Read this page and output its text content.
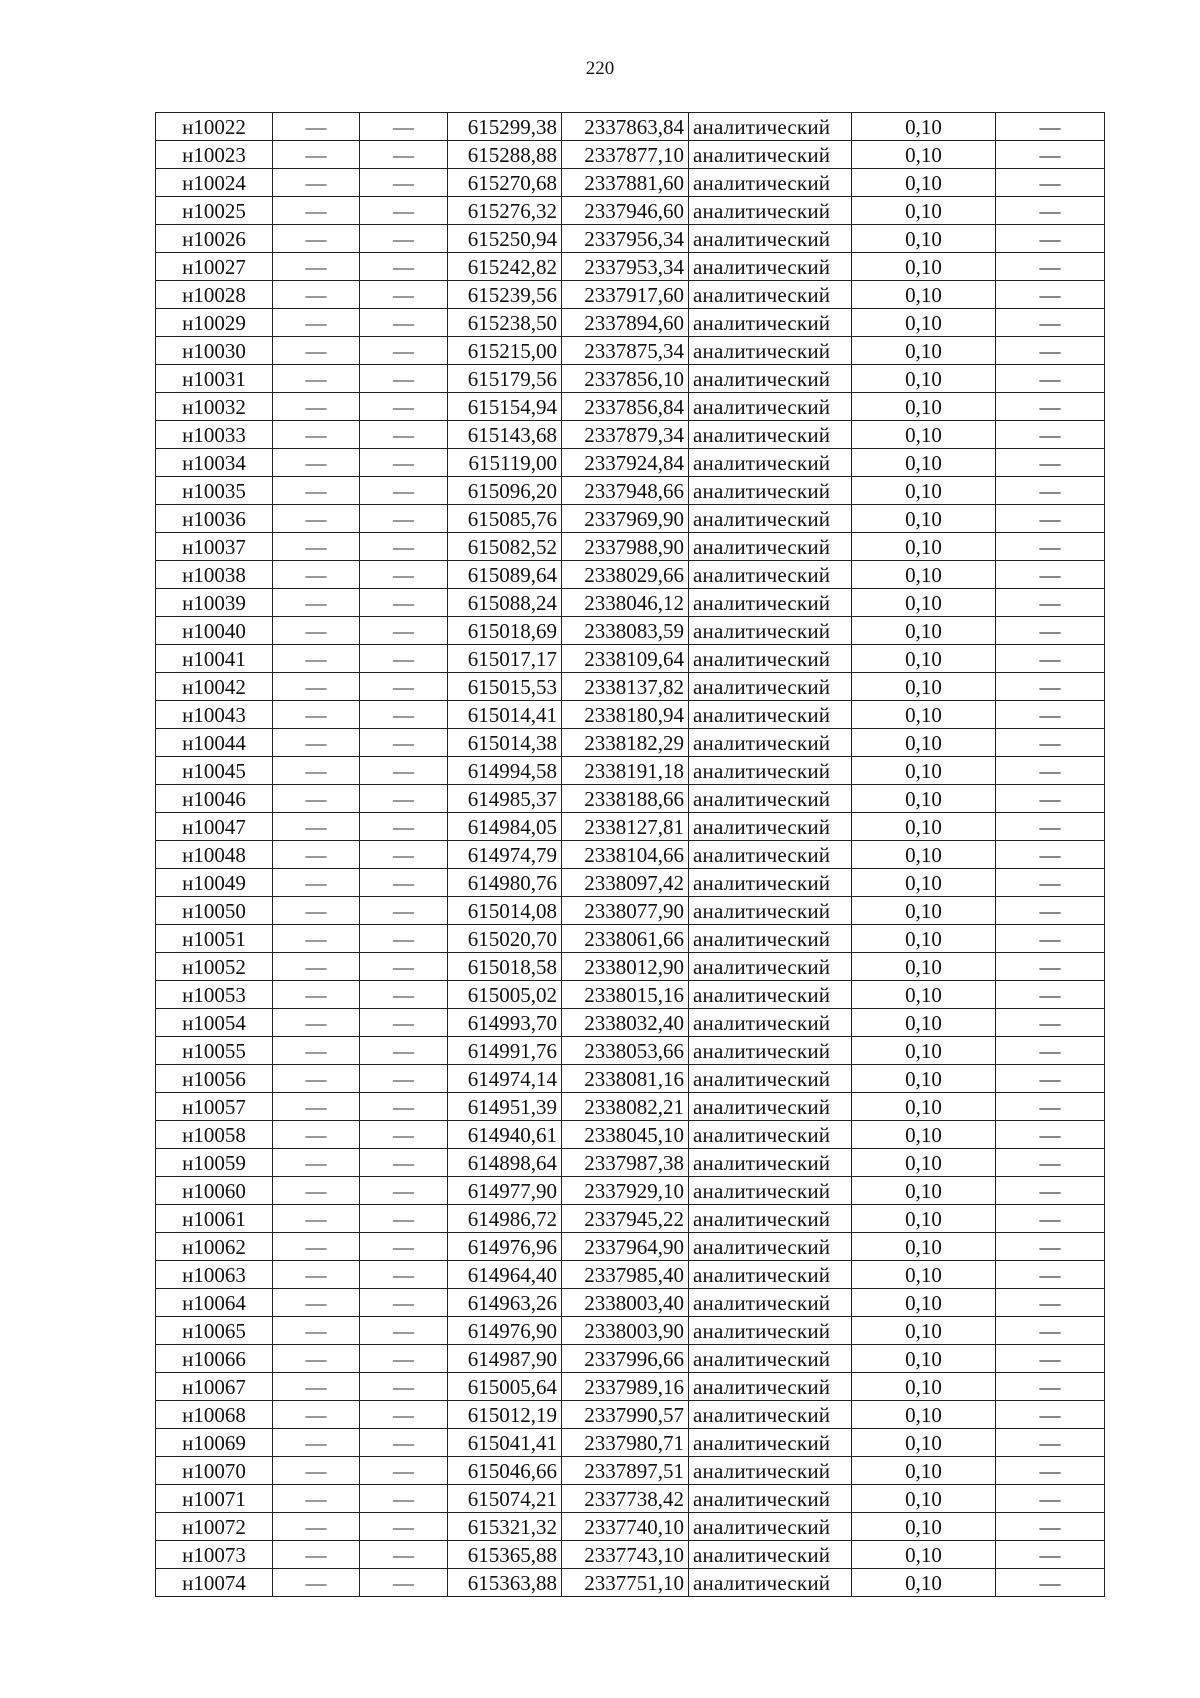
220
н10022	—	—	615299,38	2337863,84	аналитический	0,10	—
н10023	—	—	615288,88	2337877,10	аналитический	0,10	—
н10024	—	—	615270,68	2337881,60	аналитический	0,10	—
н10025	—	—	615276,32	2337946,60	аналитический	0,10	—
н10026	—	—	615250,94	2337956,34	аналитический	0,10	—
н10027	—	—	615242,82	2337953,34	аналитический	0,10	—
н10028	—	—	615239,56	2337917,60	аналитический	0,10	—
н10029	—	—	615238,50	2337894,60	аналитический	0,10	—
н10030	—	—	615215,00	2337875,34	аналитический	0,10	—
н10031	—	—	615179,56	2337856,10	аналитический	0,10	—
н10032	—	—	615154,94	2337856,84	аналитический	0,10	—
н10033	—	—	615143,68	2337879,34	аналитический	0,10	—
н10034	—	—	615119,00	2337924,84	аналитический	0,10	—
н10035	—	—	615096,20	2337948,66	аналитический	0,10	—
н10036	—	—	615085,76	2337969,90	аналитический	0,10	—
н10037	—	—	615082,52	2337988,90	аналитический	0,10	—
н10038	—	—	615089,64	2338029,66	аналитический	0,10	—
н10039	—	—	615088,24	2338046,12	аналитический	0,10	—
н10040	—	—	615018,69	2338083,59	аналитический	0,10	—
н10041	—	—	615017,17	2338109,64	аналитический	0,10	—
н10042	—	—	615015,53	2338137,82	аналитический	0,10	—
н10043	—	—	615014,41	2338180,94	аналитический	0,10	—
н10044	—	—	615014,38	2338182,29	аналитический	0,10	—
н10045	—	—	614994,58	2338191,18	аналитический	0,10	—
н10046	—	—	614985,37	2338188,66	аналитический	0,10	—
н10047	—	—	614984,05	2338127,81	аналитический	0,10	—
н10048	—	—	614974,79	2338104,66	аналитический	0,10	—
н10049	—	—	614980,76	2338097,42	аналитический	0,10	—
н10050	—	—	615014,08	2338077,90	аналитический	0,10	—
н10051	—	—	615020,70	2338061,66	аналитический	0,10	—
н10052	—	—	615018,58	2338012,90	аналитический	0,10	—
н10053	—	—	615005,02	2338015,16	аналитический	0,10	—
н10054	—	—	614993,70	2338032,40	аналитический	0,10	—
н10055	—	—	614991,76	2338053,66	аналитический	0,10	—
н10056	—	—	614974,14	2338081,16	аналитический	0,10	—
н10057	—	—	614951,39	2338082,21	аналитический	0,10	—
н10058	—	—	614940,61	2338045,10	аналитический	0,10	—
н10059	—	—	614898,64	2337987,38	аналитический	0,10	—
н10060	—	—	614977,90	2337929,10	аналитический	0,10	—
н10061	—	—	614986,72	2337945,22	аналитический	0,10	—
н10062	—	—	614976,96	2337964,90	аналитический	0,10	—
н10063	—	—	614964,40	2337985,40	аналитический	0,10	—
н10064	—	—	614963,26	2338003,40	аналитический	0,10	—
н10065	—	—	614976,90	2338003,90	аналитический	0,10	—
н10066	—	—	614987,90	2337996,66	аналитический	0,10	—
н10067	—	—	615005,64	2337989,16	аналитический	0,10	—
н10068	—	—	615012,19	2337990,57	аналитический	0,10	—
н10069	—	—	615041,41	2337980,71	аналитический	0,10	—
н10070	—	—	615046,66	2337897,51	аналитический	0,10	—
н10071	—	—	615074,21	2337738,42	аналитический	0,10	—
н10072	—	—	615321,32	2337740,10	аналитический	0,10	—
н10073	—	—	615365,88	2337743,10	аналитический	0,10	—
н10074	—	—	615363,88	2337751,10	аналитический	0,10	—
